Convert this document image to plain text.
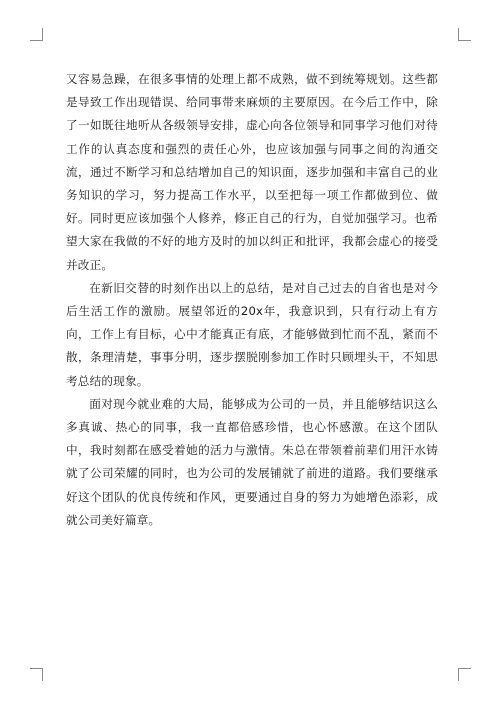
又容易急躁，在很多事情的处理上都不成熟，做不到统筹规划。这些都是导致工作出现错误、给同事带来麻烦的主要原因。在今后工作中，除了一如既往地听从各级领导安排，虚心向各位领导和同事学习他们对待工作的认真态度和强烈的责任心外，也应该加强与同事之间的沟通交流，通过不断学习和总结增加自己的知识面，逐步加强和丰富自己的业务知识的学习，努力提高工作水平，以至把每一项工作都做到位、做好。同时更应该加强个人修养，修正自己的行为，自觉加强学习。也希望大家在我做的不好的地方及时的加以纠正和批评，我都会虚心的接受并改正。

在新旧交替的时刻作出以上的总结，是对自己过去的自省也是对今后生活工作的激励。展望邻近的20x年，我意识到，只有行动上有方向，工作上有目标，心中才能真正有底，才能够做到忙而不乱，紧而不散，条理清楚，事事分明，逐步摆脱刚参加工作时只顾埋头干，不知思考总结的现象。

面对现今就业难的大局，能够成为公司的一员，并且能够结识这么多真诚、热心的同事，我一直都倍感珍惜，也心怀感激。在这个团队中，我时刻都在感受着她的活力与激情。朱总在带领着前辈们用汗水铸就了公司荣耀的同时，也为公司的发展铺就了前进的道路。我们要继承好这个团队的优良传统和作风，更要通过自身的努力为她增色添彩，成就公司美好篇章。
